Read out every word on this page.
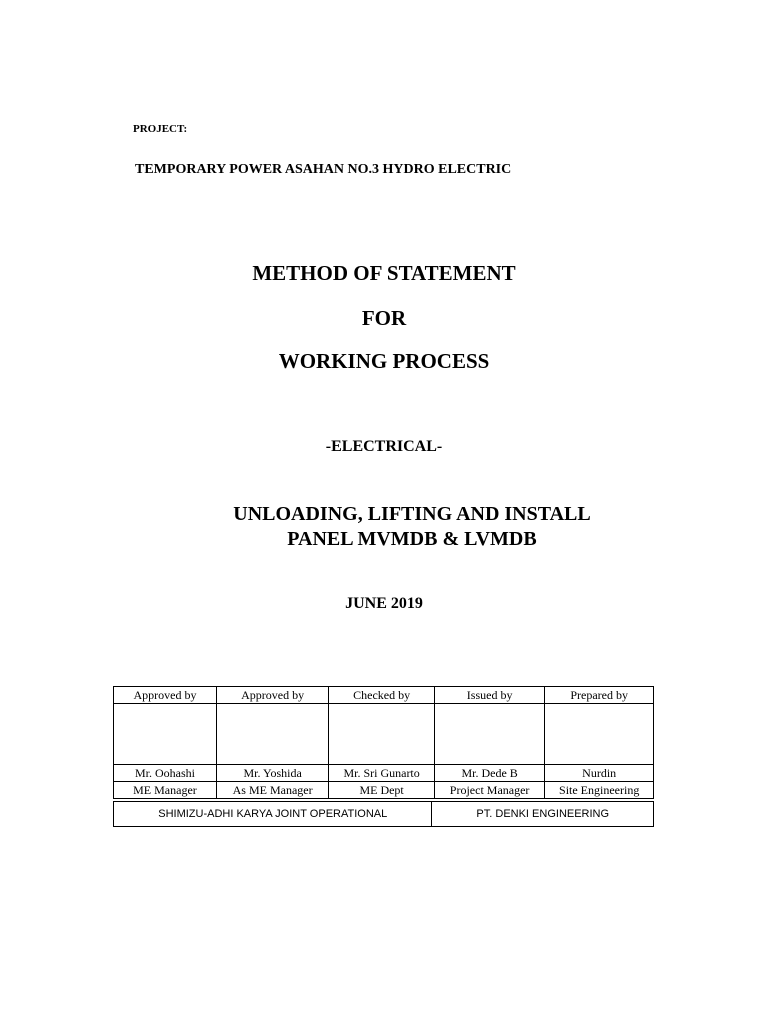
PROJECT:
TEMPORARY POWER ASAHAN NO.3 HYDRO ELECTRIC
METHOD OF STATEMENT
FOR
WORKING PROCESS
-ELECTRICAL-
UNLOADING, LIFTING AND INSTALL
PANEL MVMDB & LVMDB
JUNE 2019
Approved by	Approved by	Checked by	Issued by	Prepared by

Mr. Oohashi	Mr. Yoshida	Mr. Sri Gunarto	Mr. Dede B	Nurdin
ME Manager	As ME Manager	ME Dept	Project Manager	Site Engineering
SHIMIZU-ADHI KARYA JOINT OPERATIONAL	PT. DENKI ENGINEERING
